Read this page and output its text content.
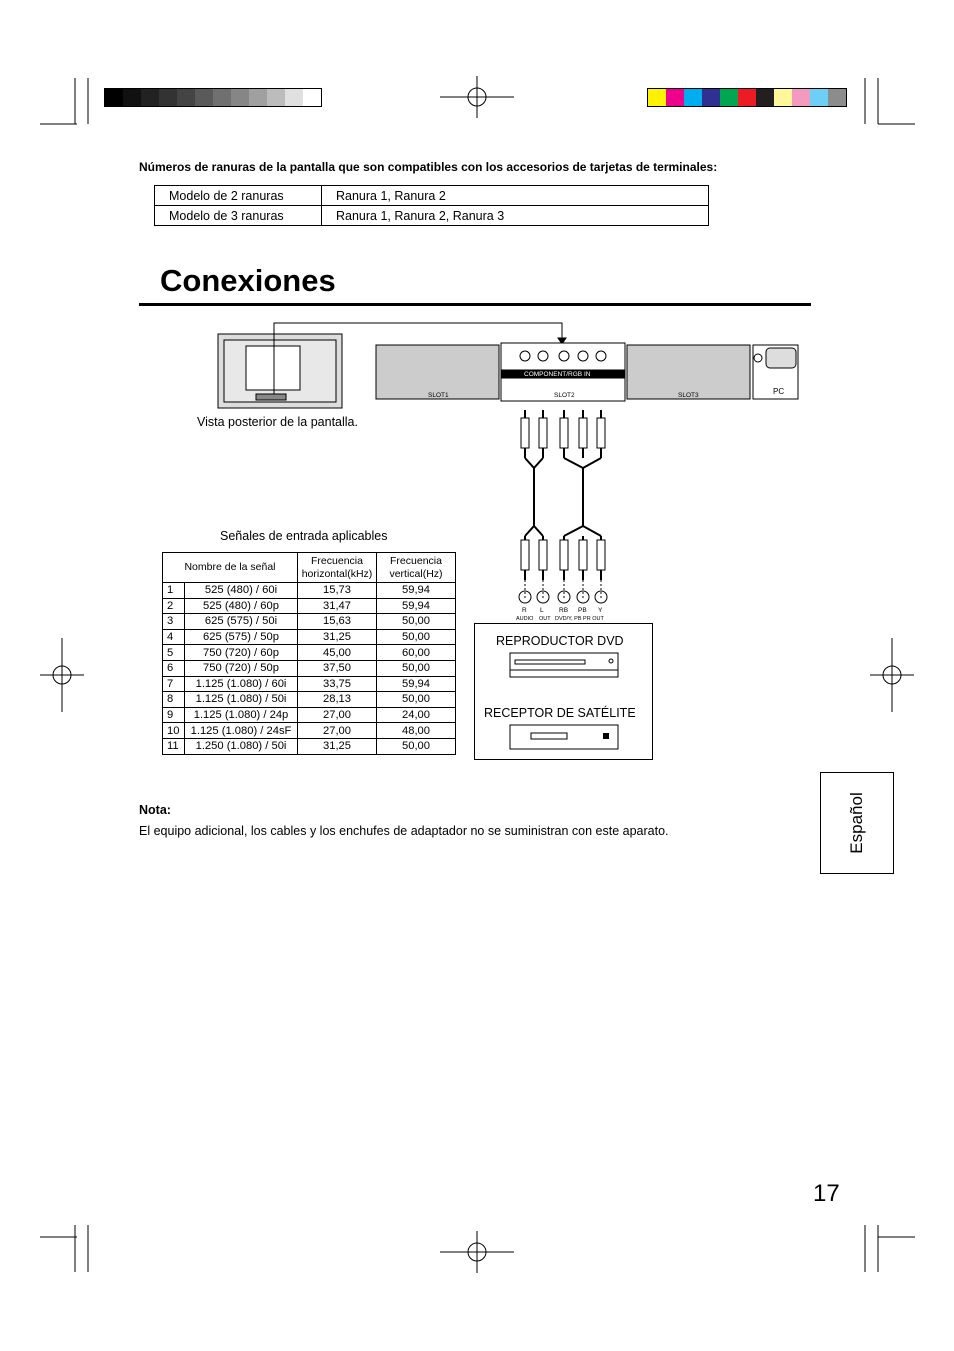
Números de ranuras de la pantalla que son compatibles con los accesorios de tarjetas de terminales:
Modelo de 2 ranuras	Ranura 1, Ranura 2
Modelo de 3 ranuras	Ranura 1, Ranura 2, Ranura 3
Conexiones
SLOT1	SLOT2	SLOT3
COMPONENT/RGB IN
PC
R L RB PB Y
AUDIO OUT DVD/Y, PB PR OUT
Vista posterior de la pantalla.
REPRODUCTOR DVD
RECEPTOR DE SATÉLITE
Señales de entrada aplicables
Nombre de la señal		Frecuencia horizontal(kHz)	Frecuencia vertical(Hz)
1	525 (480) / 60i	15,73	59,94
2	525 (480) / 60p	31,47	59,94
3	625 (575) / 50i	15,63	50,00
4	625 (575) / 50p	31,25	50,00
5	750 (720) / 60p	45,00	60,00
6	750 (720) / 50p	37,50	50,00
7	1.125 (1.080) / 60i	33,75	59,94
8	1.125 (1.080) / 50i	28,13	50,00
9	1.125 (1.080) / 24p	27,00	24,00
10	1.125 (1.080) / 24sF	27,00	48,00
11	1.250 (1.080) / 50i	31,25	50,00
Nota:
El equipo adicional, los cables y los enchufes de adaptador no se suministran con este aparato.	Español
17
